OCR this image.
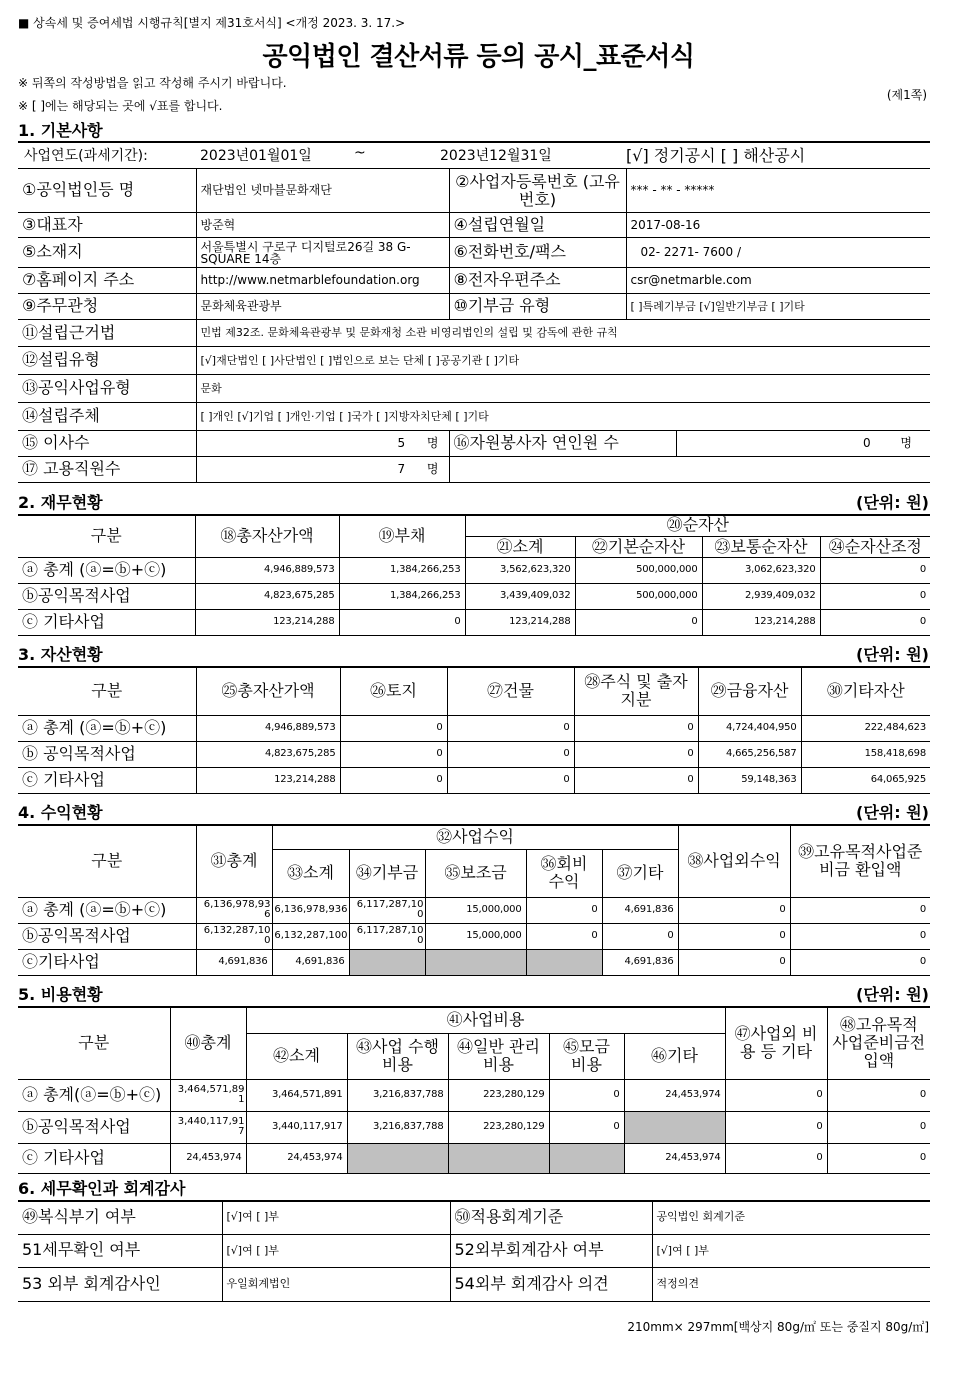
■ 상속세 및 증여세법 시행규칙[별지 제31호서식] <개정 2023. 3. 17.>
공익법인 결산서류 등의 공시_표준서식
※ 뒤쪽의 작성방법을 읽고 작성해 주시기 바랍니다.
※ [ ]에는 해당되는 곳에 √표를 합니다.
(제1쪽)
1. 기본사항
사업연도(과세기간):	2023년01월01일	~	2023년12월31일	[√] 정기공시 [ ] 해산공시
①공익법인등 명	재단법인 넷마블문화재단	②사업자등록번호 (고유번호)	*** - ** - *****	
③대표자	방준혁	④설립연월일	2017-08-16	
⑤소재지	서울특별시 구로구 디지털로26길 38 G- SQUARE 14층	⑥전화번호/팩스	02- 2271- 7600 /	
⑦홈페이지 주소	http://www.netmarblefoundation.org	⑧전자우편주소	csr@netmarble.com	
⑨주무관청	문화체육관광부	⑩기부금 유형	[ ]특례기부금 [√]일반기부금 [ ]기타	
⑪설립근거법	민법 제32조. 문화체육관광부 및 문화재청 소관 비영리법인의 설립 및 감독에 관한 규칙			
⑫설립유형	[√]재단법인 [ ]사단법인 [ ]법인으로 보는 단체 [ ]공공기관 [ ]기타			
⑬공익사업유형	문화			
⑭설립주체	[ ]개인 [√]기업 [ ]개인·기업 [ ]국가 [ ]지방자치단체 [ ]기타			
⑮ 이사수	5 명	⑯자원봉사자 연인원 수		0 명
⑰ 고용직원수	7 명			
2. 재무현황	(단위: 원)
구분	⑱총자산가액	⑲부채	⑳순자산			
			㉑소계	㉒기본순자산	㉓보통순자산	㉔순자산조정
ⓐ 총계 (ⓐ=ⓑ+ⓒ)	4,946,889,573	1,384,266,253	3,562,623,320	500,000,000	3,062,623,320	0
ⓑ공익목적사업	4,823,675,285	1,384,266,253	3,439,409,032	500,000,000	2,939,409,032	0
ⓒ 기타사업	123,214,288	0	123,214,288	0	123,214,288	0
3. 자산현황	(단위: 원)
구분	㉕총자산가액	㉖토지	㉗건물	㉘주식 및 출자지분	㉙금융자산	㉚기타자산
ⓐ 총계 (ⓐ=ⓑ+ⓒ)	4,946,889,573	0	0	0	4,724,404,950	222,484,623
ⓑ 공익목적사업	4,823,675,285	0	0	0	4,665,256,587	158,418,698
ⓒ 기타사업	123,214,288	0	0	0	59,148,363	64,065,925
4. 수익현황	(단위: 원)
구분	㉛총계	㉜사업수익					㊳사업외수익	㊴고유목적사업준비금 환입액
		㉝소계	㉞기부금	㉟보조금	㊱회비 수익	㊲기타		
ⓐ 총계 (ⓐ=ⓑ+ⓒ)	6,136,978,936	6,136,978,936	6,117,287,100	15,000,000	0	4,691,836	0	0
ⓑ공익목적사업	6,132,287,100	6,132,287,100	6,117,287,100	15,000,000	0	0	0	0
ⓒ기타사업	4,691,836	4,691,836				4,691,836	0	0
5. 비용현황	(단위: 원)
구분	㊵총계	㊶사업비용					㊼사업외 비용 등 기타	㊽고유목적 사업준비금전입액
		㊷소계	㊸사업 수행비용	㊹일반 관리비용	㊺모금 비용	㊻기타		
ⓐ 총계(ⓐ=ⓑ+ⓒ)	3,464,571,891	3,464,571,891	3,216,837,788	223,280,129	0	24,453,974	0	0
ⓑ공익목적사업	3,440,117,917	3,440,117,917	3,216,837,788	223,280,129	0		0	0
ⓒ 기타사업	24,453,974	24,453,974				24,453,974	0	0
6. 세무확인과 회계감사
㊾복식부기 여부	[√]여 [ ]부	㊿적용회계기준	공익법인 회계기준
51세무확인 여부	[√]여 [ ]부	52외부회계감사 여부	[√]여 [ ]부
53 외부 회계감사인	우일회계법인	54외부 회계감사 의견	적정의견
210mm× 297mm[백상지 80g/㎡ 또는 중질지 80g/㎡]
